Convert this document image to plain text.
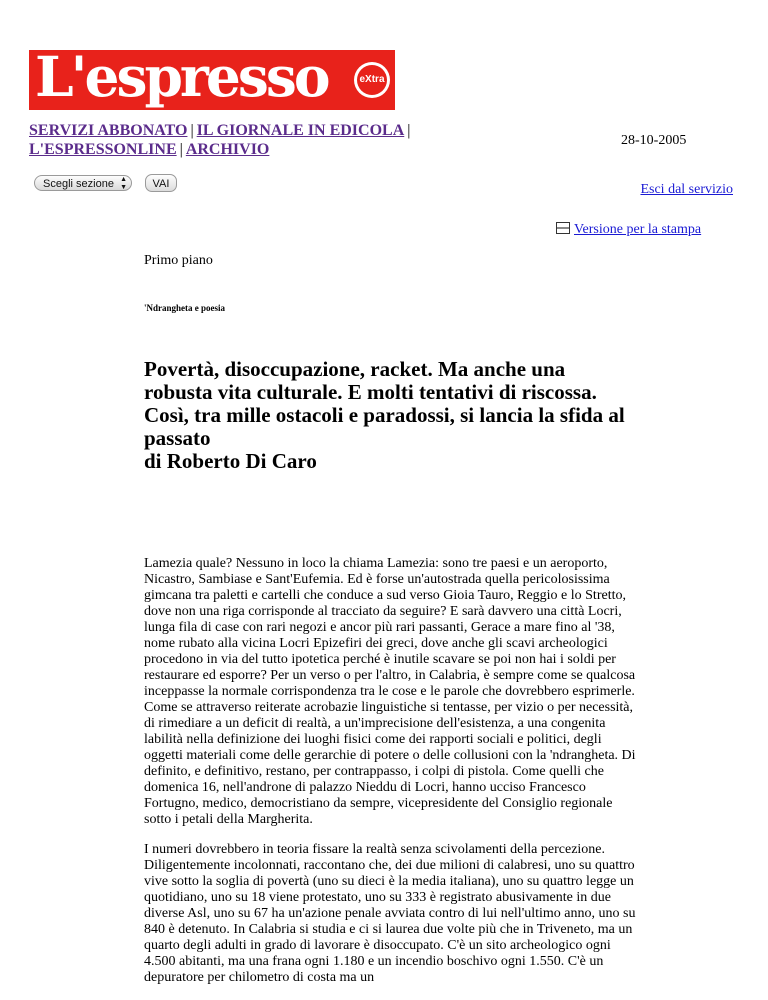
L'espresso	eXtra
SERVIZI ABBONATO | IL GIORNALE IN EDICOLA |
L'ESPRESSONLINE | ARCHIVIO
28-10-2005
Scegli sezione ▲
▼	VAI	Esci dal servizio
Versione per la stampa
Primo piano
'Ndrangheta e poesia
Povertà, disoccupazione, racket. Ma anche una robusta vita culturale. E molti tentativi di riscossa. Così, tra mille ostacoli e paradossi, si lancia la sfida al passato
di Roberto Di Caro

Lamezia quale? Nessuno in loco la chiama Lamezia: sono tre paesi e un aeroporto, Nicastro, Sambiase e Sant'Eufemia. Ed è forse un'autostrada quella pericolosissima gimcana tra paletti e cartelli che conduce a sud verso Gioia Tauro, Reggio e lo Stretto, dove non una riga corrisponde al tracciato da seguire? E sarà davvero una città Locri, lunga fila di case con rari negozi e ancor più rari passanti, Gerace a mare fino al '38, nome rubato alla vicina Locri Epizefiri dei greci, dove anche gli scavi archeologici procedono in via del tutto ipotetica perché è inutile scavare se poi non hai i soldi per restaurare ed esporre? Per un verso o per l'altro, in Calabria, è sempre come se qualcosa inceppasse la normale corrispondenza tra le cose e le parole che dovrebbero esprimerle. Come se attraverso reiterate acrobazie linguistiche si tentasse, per vizio o per necessità, di rimediare a un deficit di realtà, a un'imprecisione dell'esistenza, a una congenita labilità nella definizione dei luoghi fisici come dei rapporti sociali e politici, degli oggetti materiali come delle gerarchie di potere o delle collusioni con la 'ndrangheta. Di definito, e definitivo, restano, per contrappasso, i colpi di pistola. Come quelli che domenica 16, nell'androne di palazzo Nieddu di Locri, hanno ucciso Francesco Fortugno, medico, democristiano da sempre, vicepresidente del Consiglio regionale sotto i petali della Margherita.

I numeri dovrebbero in teoria fissare la realtà senza scivolamenti della percezione. Diligentemente incolonnati, raccontano che, dei due milioni di calabresi, uno su quattro vive sotto la soglia di povertà (uno su dieci è la media italiana), uno su quattro legge un quotidiano, uno su 18 viene protestato, uno su 333 è registrato abusivamente in due diverse Asl, uno su 67 ha un'azione penale avviata contro di lui nell'ultimo anno, uno su 840 è detenuto. In Calabria si studia e ci si laurea due volte più che in Triveneto, ma un quarto degli adulti in grado di lavorare è disoccupato. C'è un sito archeologico ogni 4.500 abitanti, ma una frana ogni 1.180 e un incendio boschivo ogni 1.550. C'è un depuratore per chilometro di costa ma un
